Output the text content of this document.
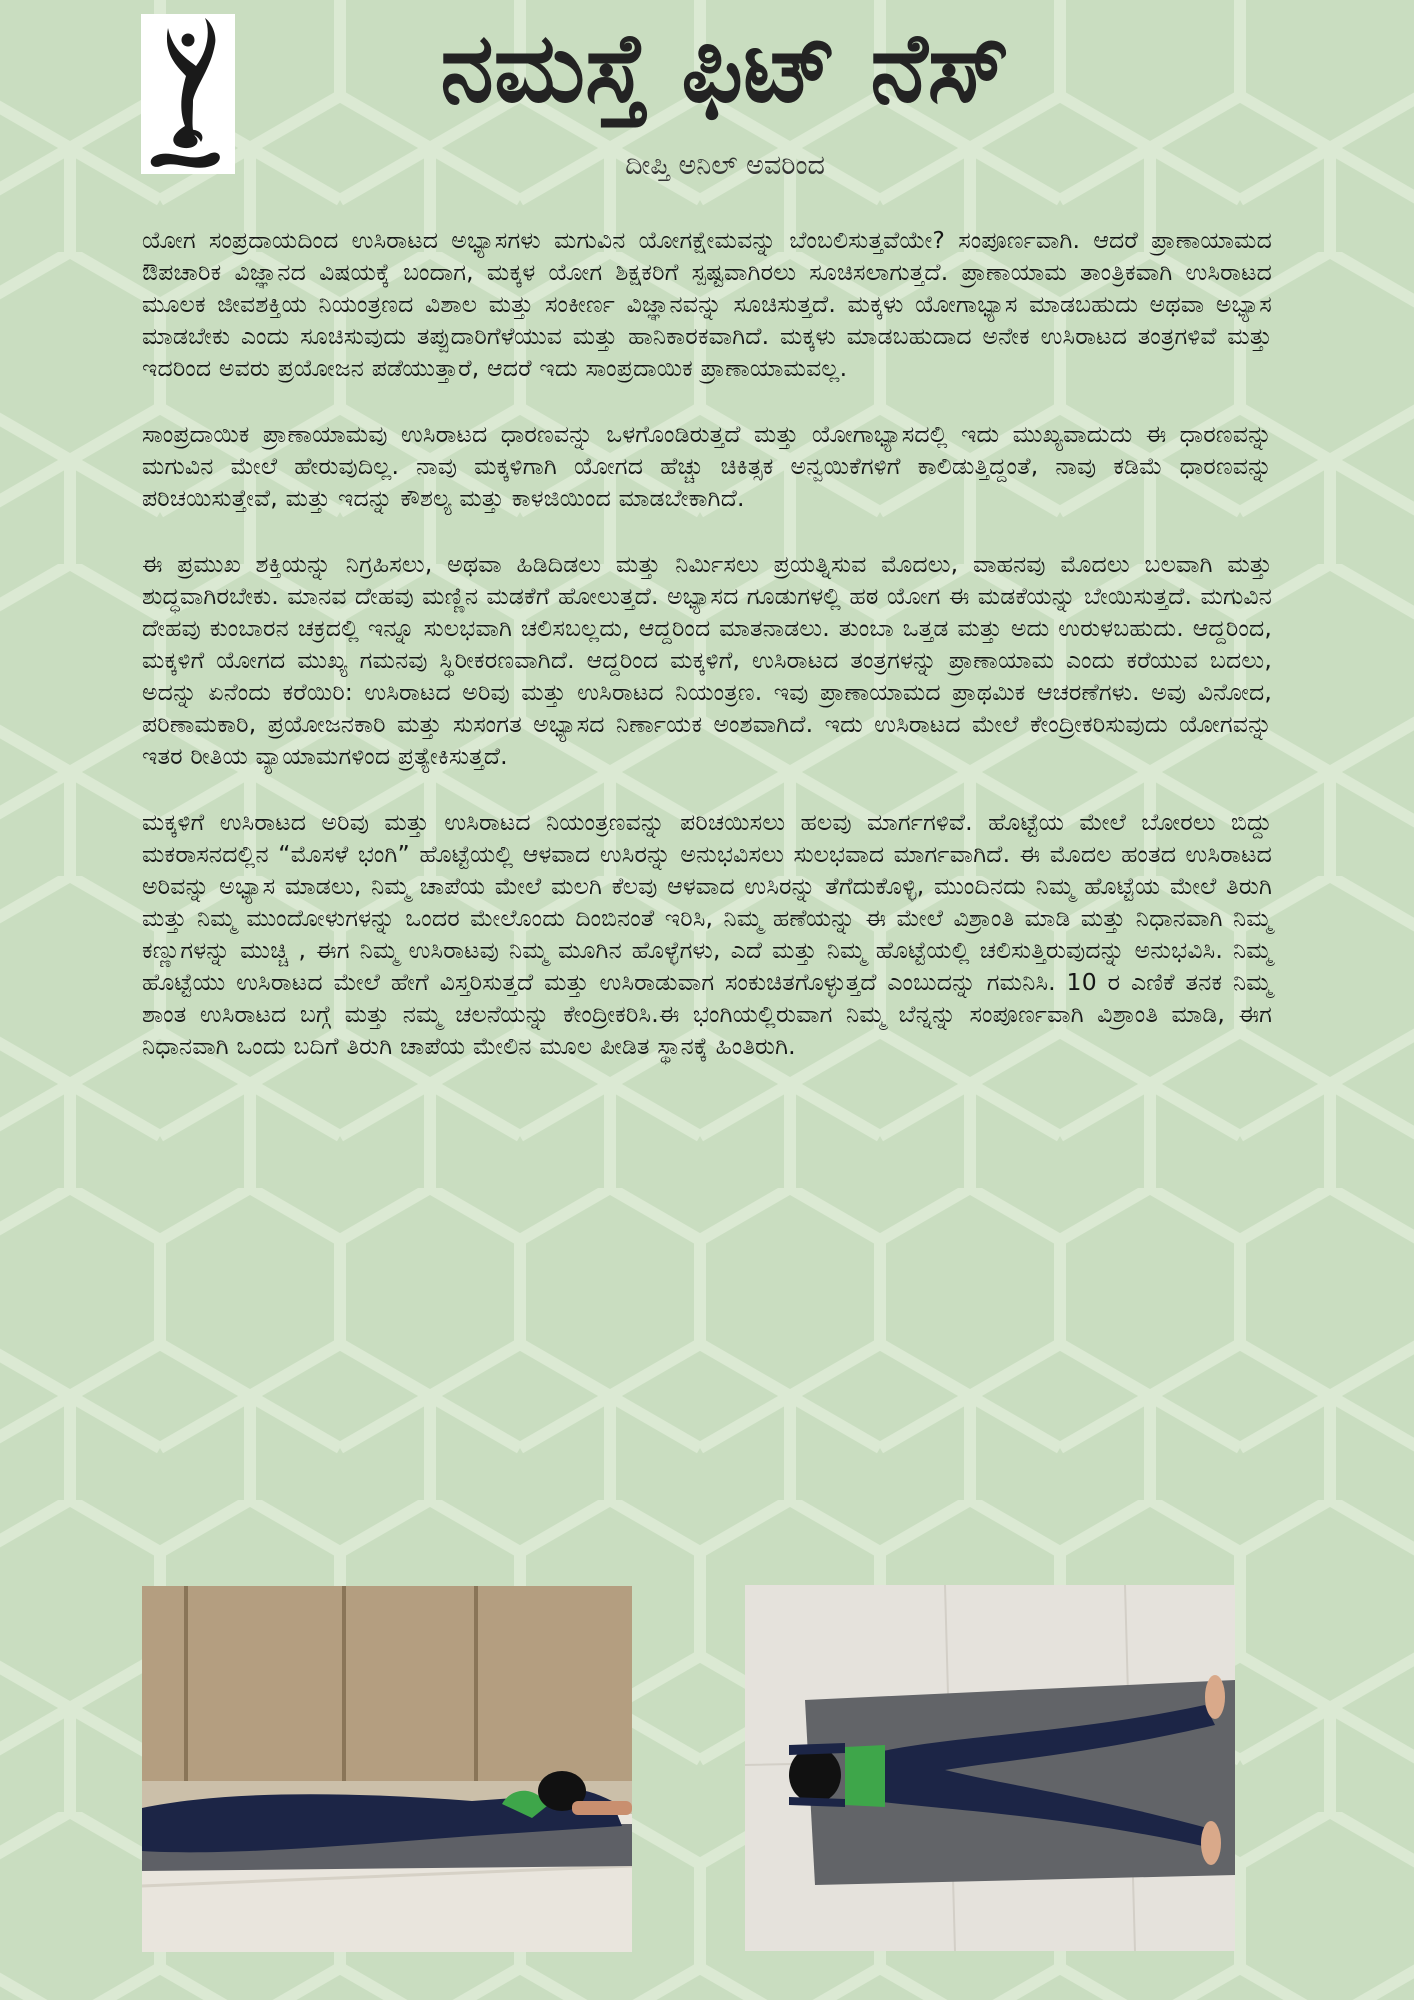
ನಮಸ್ತೆ ಫಿಟ್ ನೆಸ್
ದೀಪ್ತಿ ಅನಿಲ್ ಅವರಿಂದ

ಯೋಗ ಸಂಪ್ರದಾಯದಿಂದ ಉಸಿರಾಟದ ಅಭ್ಯಾಸಗಳು ಮಗುವಿನ ಯೋಗಕ್ಷೇಮವನ್ನು ಬೆಂಬಲಿಸುತ್ತವೆಯೇ? ಸಂಪೂರ್ಣವಾಗಿ. ಆದರೆ ಪ್ರಾಣಾಯಾಮದ ಔಪಚಾರಿಕ ವಿಜ್ಞಾನದ ವಿಷಯಕ್ಕೆ ಬಂದಾಗ, ಮಕ್ಕಳ ಯೋಗ ಶಿಕ್ಷಕರಿಗೆ ಸ್ಪಷ್ಟವಾಗಿರಲು ಸೂಚಿಸಲಾಗುತ್ತದೆ. ಪ್ರಾಣಾಯಾಮ ತಾಂತ್ರಿಕವಾಗಿ ಉಸಿರಾಟದ ಮೂಲಕ ಜೀವಶಕ್ತಿಯ ನಿಯಂತ್ರಣದ ವಿಶಾಲ ಮತ್ತು ಸಂಕೀರ್ಣ ವಿಜ್ಞಾನವನ್ನು ಸೂಚಿಸುತ್ತದೆ. ಮಕ್ಕಳು ಯೋಗಾಭ್ಯಾಸ ಮಾಡಬಹುದು ಅಥವಾ ಅಭ್ಯಾಸ ಮಾಡಬೇಕು ಎಂದು ಸೂಚಿಸುವುದು ತಪ್ಪುದಾರಿಗೆಳೆಯುವ ಮತ್ತು ಹಾನಿಕಾರಕವಾಗಿದೆ. ಮಕ್ಕಳು ಮಾಡಬಹುದಾದ ಅನೇಕ ಉಸಿರಾಟದ ತಂತ್ರಗಳಿವೆ ಮತ್ತು ಇದರಿಂದ ಅವರು ಪ್ರಯೋಜನ ಪಡೆಯುತ್ತಾರೆ, ಆದರೆ ಇದು ಸಾಂಪ್ರದಾಯಿಕ ಪ್ರಾಣಾಯಾಮವಲ್ಲ.

ಸಾಂಪ್ರದಾಯಿಕ ಪ್ರಾಣಾಯಾಮವು ಉಸಿರಾಟದ ಧಾರಣವನ್ನು ಒಳಗೊಂಡಿರುತ್ತದೆ ಮತ್ತು ಯೋಗಾಭ್ಯಾಸದಲ್ಲಿ ಇದು ಮುಖ್ಯವಾದುದು ಈ ಧಾರಣವನ್ನು ಮಗುವಿನ ಮೇಲೆ ಹೇರುವುದಿಲ್ಲ. ನಾವು ಮಕ್ಕಳಿಗಾಗಿ ಯೋಗದ ಹೆಚ್ಚು ಚಿಕಿತ್ಸಕ ಅನ್ವಯಿಕೆಗಳಿಗೆ ಕಾಲಿಡುತ್ತಿದ್ದಂತೆ, ನಾವು ಕಡಿಮೆ ಧಾರಣವನ್ನು ಪರಿಚಯಿಸುತ್ತೇವೆ, ಮತ್ತು ಇದನ್ನು ಕೌಶಲ್ಯ ಮತ್ತು ಕಾಳಜಿಯಿಂದ ಮಾಡಬೇಕಾಗಿದೆ.

ಈ ಪ್ರಮುಖ ಶಕ್ತಿಯನ್ನು ನಿಗ್ರಹಿಸಲು, ಅಥವಾ ಹಿಡಿದಿಡಲು ಮತ್ತು ನಿರ್ಮಿಸಲು ಪ್ರಯತ್ನಿಸುವ ಮೊದಲು, ವಾಹನವು ಮೊದಲು ಬಲವಾಗಿ ಮತ್ತು ಶುದ್ಧವಾಗಿರಬೇಕು. ಮಾನವ ದೇಹವು ಮಣ್ಣಿನ ಮಡಕೆಗೆ ಹೋಲುತ್ತದೆ. ಅಭ್ಯಾಸದ ಗೂಡುಗಳಲ್ಲಿ ಹಠ ಯೋಗ ಈ ಮಡಕೆಯನ್ನು ಬೇಯಿಸುತ್ತದೆ. ಮಗುವಿನ ದೇಹವು ಕುಂಬಾರನ ಚಕ್ರದಲ್ಲಿ ಇನ್ನೂ ಸುಲಭವಾಗಿ ಚಲಿಸಬಲ್ಲದು, ಆದ್ದರಿಂದ ಮಾತನಾಡಲು. ತುಂಬಾ ಒತ್ತಡ ಮತ್ತು ಅದು ಉರುಳಬಹುದು. ಆದ್ದರಿಂದ, ಮಕ್ಕಳಿಗೆ ಯೋಗದ ಮುಖ್ಯ ಗಮನವು ಸ್ಥಿರೀಕರಣವಾಗಿದೆ. ಆದ್ದರಿಂದ ಮಕ್ಕಳಿಗೆ, ಉಸಿರಾಟದ ತಂತ್ರಗಳನ್ನು ಪ್ರಾಣಾಯಾಮ ಎಂದು ಕರೆಯುವ ಬದಲು, ಅದನ್ನು ಏನೆಂದು ಕರೆಯಿರಿ: ಉಸಿರಾಟದ ಅರಿವು ಮತ್ತು ಉಸಿರಾಟದ ನಿಯಂತ್ರಣ. ಇವು ಪ್ರಾಣಾಯಾಮದ ಪ್ರಾಥಮಿಕ ಆಚರಣೆಗಳು. ಅವು ವಿನೋದ, ಪರಿಣಾಮಕಾರಿ, ಪ್ರಯೋಜನಕಾರಿ ಮತ್ತು ಸುಸಂಗತ ಅಭ್ಯಾಸದ ನಿರ್ಣಾಯಕ ಅಂಶವಾಗಿದೆ. ಇದು ಉಸಿರಾಟದ ಮೇಲೆ ಕೇಂದ್ರೀಕರಿಸುವುದು ಯೋಗವನ್ನು ಇತರ ರೀತಿಯ ವ್ಯಾಯಾಮಗಳಿಂದ ಪ್ರತ್ಯೇಕಿಸುತ್ತದೆ.

ಮಕ್ಕಳಿಗೆ ಉಸಿರಾಟದ ಅರಿವು ಮತ್ತು ಉಸಿರಾಟದ ನಿಯಂತ್ರಣವನ್ನು ಪರಿಚಯಿಸಲು ಹಲವು ಮಾರ್ಗಗಳಿವೆ. ಹೊಟ್ಟೆಯ ಮೇಲೆ ಬೋರಲು ಬಿದ್ದು ಮಕರಾಸನದಲ್ಲಿನ “ಮೊಸಳೆ ಭಂಗಿ” ಹೊಟ್ಟೆಯಲ್ಲಿ ಆಳವಾದ ಉಸಿರನ್ನು ಅನುಭವಿಸಲು ಸುಲಭವಾದ ಮಾರ್ಗವಾಗಿದೆ. ಈ ಮೊದಲ ಹಂತದ ಉಸಿರಾಟದ ಅರಿವನ್ನು ಅಭ್ಯಾಸ ಮಾಡಲು, ನಿಮ್ಮ ಚಾಪೆಯ ಮೇಲೆ ಮಲಗಿ ಕೆಲವು ಆಳವಾದ ಉಸಿರನ್ನು ತೆಗೆದುಕೊಳ್ಳಿ, ಮುಂದಿನದು ನಿಮ್ಮ ಹೊಟ್ಟೆಯ ಮೇಲೆ ತಿರುಗಿ ಮತ್ತು ನಿಮ್ಮ ಮುಂದೋಳುಗಳನ್ನು ಒಂದರ ಮೇಲೊಂದು ದಿಂಬಿನಂತೆ ಇರಿಸಿ, ನಿಮ್ಮ ಹಣೆಯನ್ನು ಈ ಮೇಲೆ ವಿಶ್ರಾಂತಿ ಮಾಡಿ ಮತ್ತು ನಿಧಾನವಾಗಿ ನಿಮ್ಮ ಕಣ್ಣುಗಳನ್ನು ಮುಚ್ಚಿ , ಈಗ ನಿಮ್ಮ ಉಸಿರಾಟವು ನಿಮ್ಮ ಮೂಗಿನ ಹೊಳ್ಳೆಗಳು, ಎದೆ ಮತ್ತು ನಿಮ್ಮ ಹೊಟ್ಟೆಯಲ್ಲಿ ಚಲಿಸುತ್ತಿರುವುದನ್ನು ಅನುಭವಿಸಿ. ನಿಮ್ಮ ಹೊಟ್ಟೆಯು ಉಸಿರಾಟದ ಮೇಲೆ ಹೇಗೆ ವಿಸ್ತರಿಸುತ್ತದೆ ಮತ್ತು ಉಸಿರಾಡುವಾಗ ಸಂಕುಚಿತಗೊಳ್ಳುತ್ತದೆ ಎಂಬುದನ್ನು ಗಮನಿಸಿ. 10 ರ ಎಣಿಕೆ ತನಕ ನಿಮ್ಮ ಶಾಂತ ಉಸಿರಾಟದ ಬಗ್ಗೆ ಮತ್ತು ನಮ್ಮ ಚಲನೆಯನ್ನು ಕೇಂದ್ರೀಕರಿಸಿ.ಈ ಭಂಗಿಯಲ್ಲಿರುವಾಗ ನಿಮ್ಮ ಬೆನ್ನನ್ನು ಸಂಪೂರ್ಣವಾಗಿ ವಿಶ್ರಾಂತಿ ಮಾಡಿ, ಈಗ ನಿಧಾನವಾಗಿ ಒಂದು ಬದಿಗೆ ತಿರುಗಿ ಚಾಪೆಯ ಮೇಲಿನ ಮೂಲ ಪೀಡಿತ ಸ್ಥಾನಕ್ಕೆ ಹಿಂತಿರುಗಿ.
